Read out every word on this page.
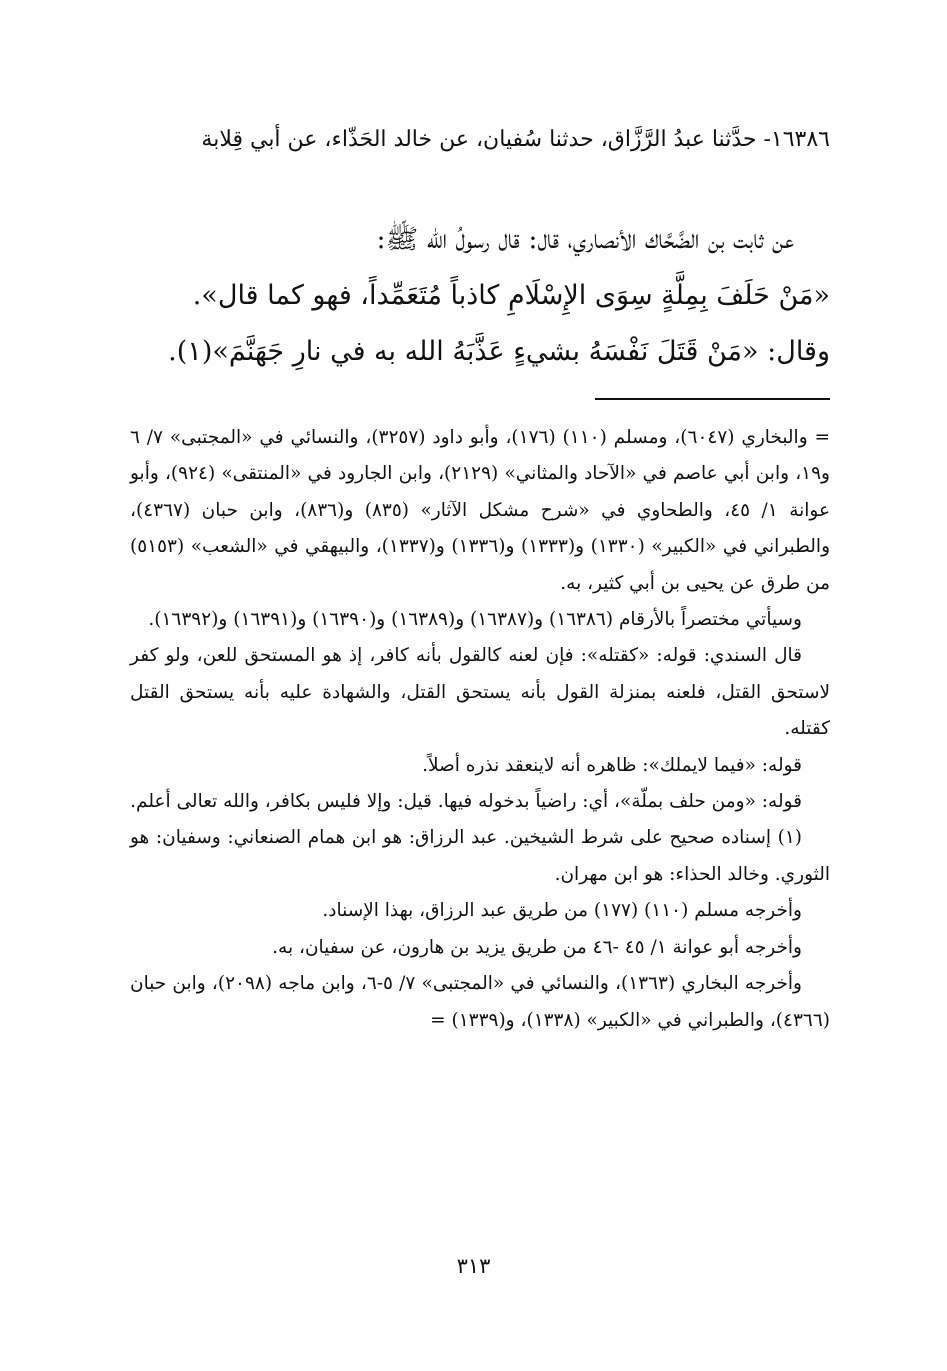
١٦٣٨٦- حدَّثنا عبدُ الرَّزَّاق، حدثنا سُفيان، عن خالد الحَذّاء، عن أبي قِلابة

عن ثابت بن الضَّحَّاك الأنصاري، قال: قال رسولُ الله ﷺ:

«مَنْ حَلَفَ بِمِلَّةٍ سِوَى الإِسْلَامِ كاذباً مُتَعَمِّداً، فهو كما قال».

وقال: «مَنْ قَتَلَ نَفْسَهُ بشيءٍ عَذَّبَهُ الله به في نارِ جَهَنَّمَ»(١).

= والبخاري (٦٠٤٧)، ومسلم (١١٠) (١٧٦)، وأبو داود (٣٢٥٧)، والنسائي في «المجتبى» ٧/ ٦ و١٩، وابن أبي عاصم في «الآحاد والمثاني» (٢١٢٩)، وابن الجارود في «المنتقى» (٩٢٤)، وأبو عوانة ١/ ٤٥، والطحاوي في «شرح مشكل الآثار» (٨٣٥) و(٨٣٦)، وابن حبان (٤٣٦٧)، والطبراني في «الكبير» (١٣٣٠) و(١٣٣٣) و(١٣٣٦) و(١٣٣٧)، والبيهقي في «الشعب» (٥١٥٣) من طرق عن يحيى بن أبي كثير، به.

وسيأتي مختصراً بالأرقام (١٦٣٨٦) و(١٦٣٨٧) و(١٦٣٨٩) و(١٦٣٩٠) و(١٦٣٩١) و(١٦٣٩٢).

قال السندي: قوله: «كقتله»: فإن لعنه كالقول بأنه كافر، إذ هو المستحق للعن، ولو كفر لاستحق القتل، فلعنه بمنزلة القول بأنه يستحق القتل، والشهادة عليه بأنه يستحق القتل كقتله.

قوله: «فيما لايملك»: ظاهره أنه لاينعقد نذره أصلاً.

قوله: «ومن حلف بملّة»، أي: راضياً بدخوله فيها. قيل: وإلا فليس بكافر، والله تعالى أعلم.

(١) إسناده صحيح على شرط الشيخين. عبد الرزاق: هو ابن همام الصنعاني: وسفيان: هو الثوري. وخالد الحذاء: هو ابن مهران.

وأخرجه مسلم (١١٠) (١٧٧) من طريق عبد الرزاق، بهذا الإسناد.

وأخرجه أبو عوانة ١/ ٤٥ -٤٦ من طريق يزيد بن هارون، عن سفيان، به.

وأخرجه البخاري (١٣٦٣)، والنسائي في «المجتبى» ٧/ ٥-٦، وابن ماجه (٢٠٩٨)، وابن حبان (٤٣٦٦)، والطبراني في «الكبير» (١٣٣٨)، و(١٣٣٩) =

٣١٣
